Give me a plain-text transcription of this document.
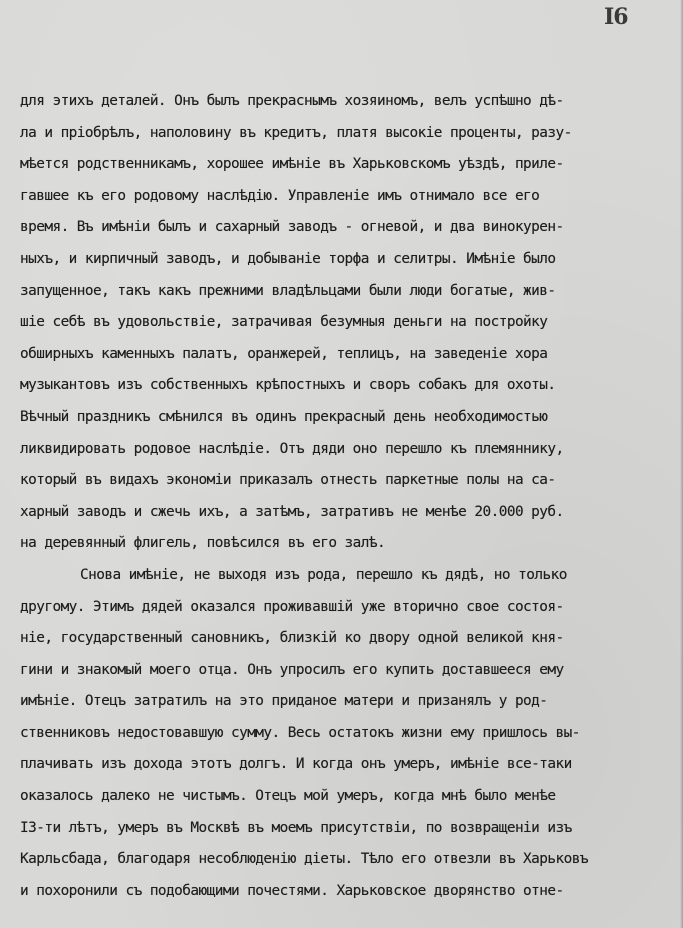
I6
для этихъ деталей. Онъ былъ прекраснымъ хозяиномъ, велъ успѣшно дѣ-
ла и пріобрѣлъ, наполовину въ кредитъ, платя высокіе проценты, разу-
мѣется родственникамъ, хорошее имѣніе въ Харьковскомъ уѣздѣ, приле-
гавшее къ его родовому наслѣдію. Управленіе имъ отнимало все его
время. Въ имѣніи былъ и сахарный заводъ - огневой, и два винокурен-
ныхъ, и кирпичный заводъ, и добываніе торфа и селитры. Имѣніе было
запущенное, такъ какъ прежними владѣльцами были люди богатые, жив-
шіе себѣ въ удовольствіе, затрачивая безумныя деньги на постройку
обширныхъ каменныхъ палатъ, оранжерей, теплицъ, на заведеніе хора
музыкантовъ изъ собственныхъ крѣпостныхъ и своръ собакъ для охоты.
Вѣчный праздникъ смѣнился въ одинъ прекрасный день необходимостью
ликвидировать родовое наслѣдіе. Отъ дяди оно перешло къ племяннику,
который въ видахъ экономіи приказалъ отнесть паркетные полы на са-
харный заводъ и сжечь ихъ, а затѣмъ, затративъ не менѣе 20.000 руб.
на деревянный флигель, повѣсился въ его залѣ.
Снова имѣніе, не выходя изъ рода, перешло къ дядѣ, но только
другому. Этимъ дядей оказался проживавшій уже вторично свое состоя-
ніе, государственный сановникъ, близкій ко двору одной великой кня-
гини и знакомый моего отца. Онъ упросилъ его купить доставшееся ему
имѣніе. Отецъ затратилъ на это приданое матери и призанялъ у род-
ственниковъ недостовавшую сумму. Весь остатокъ жизни ему пришлось вы-
плачивать изъ дохода этотъ долгъ. И когда онъ умеръ, имѣніе все-таки
оказалось далеко не чистымъ. Отецъ мой умеръ, когда мнѣ было менѣе
I3-ти лѣтъ, умеръ въ Москвѣ въ моемъ присутствіи, по возвращеніи изъ
Карльсбада, благодаря несоблюденію діеты. Тѣло его отвезли въ Харьковъ
и похоронили съ подобающими почестями. Харьковское дворянство отне-
